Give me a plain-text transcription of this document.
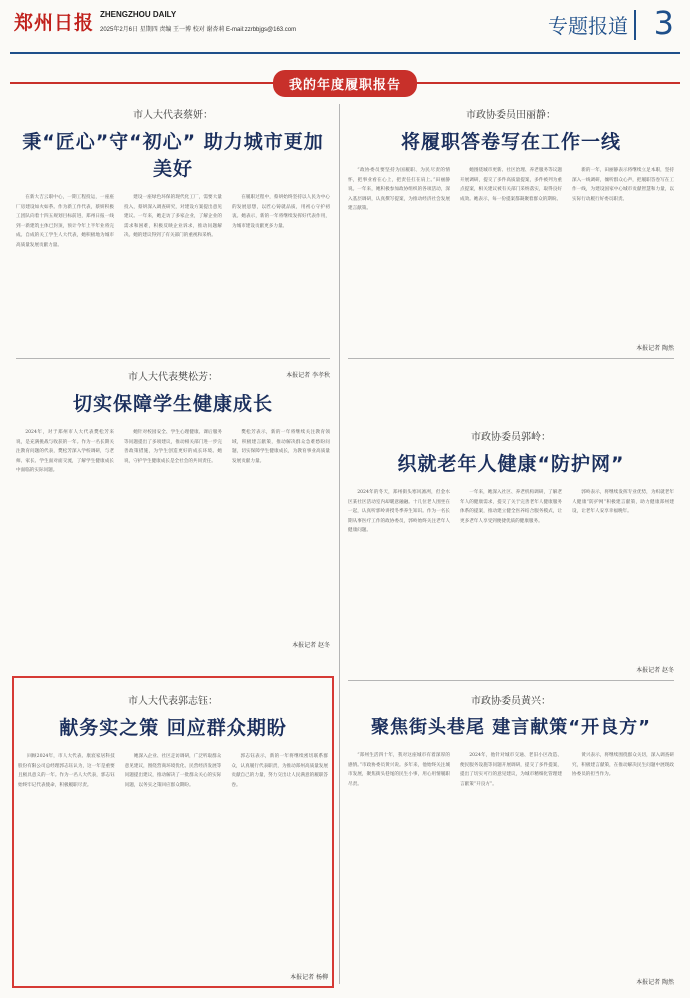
郑州日报 ZHENGZHOU DAILY
2025年2月6日 星期四 责编 王一博 校对 谢杏莉 E-mail:zzrbbjgs@163.com	专题报道 3
我的年度履职报告
市人大代表蔡妍：
秉“匠心”守“初心” 助力城市更加美好

在新大吉云职中心，一期工程投运，一座座厂房建设如火如荼。作为新工作代表，蔡妍积极工团队向着十四五规划目标前进，郑州日报一线到一新建筑主体已封顶，预计今年上半年业将完成。自成的关工学生人大代表，她积极地为城市高质量发展贡献力量。

建设一座绿色环保的现代化工厂，需要大量投入，蔡妍深入调查研究，对建设方案提出意见建议。一年来，她走访了多家企业，了解企业的需求和困难，积极反映企业诉求，推动问题解决。她的建议得到了有关部门的重视和采纳。

在履职过程中，蔡妍始终坚持以人民为中心的发展思想，以匠心铸就品质，用初心守护初衷。她表示，新的一年将继续发挥好代表作用，为城市建设贡献更多力量。

本报记者 李孝秋
市政协委员田丽静：
将履职答卷写在工作一线

“政协委员要坚持为国履职、为民尽责的情怀，把事业看在心上，把责任扛在肩上。”田丽静说。一年来，她积极参加政协组织的各项活动，深入基层调研，认真撰写提案，为推动经济社会发展建言献策。

她围绕城市更新、社区治理、养老服务等议题开展调研，提交了多件高质量提案，多件被列为重点提案，相关建议被有关部门采纳落实，取得良好成效。她表示，每一份提案都凝聚着群众的期盼。

新的一年，田丽静表示将继续立足本职，坚持深入一线调研，倾听群众心声，把履职答卷写在工作一线，为建设国家中心城市贡献智慧和力量，以实际行动履行好委员职责。

本报记者 陶然
市人大代表樊松芳：
切实保障学生健康成长

2024年，对于郑州市人大代表樊松芳来说，是充满挑战与收获的一年。作为一名长期关注教育问题的代表，樊松芳深入学校调研，与老师、家长、学生面对面交流，了解学生健康成长中面临的实际问题。

她针对校园安全、学生心理健康、课后服务等问题提出了多项建议，推动相关部门进一步完善政策措施，为学生创造更好的成长环境。她说，守护学生健康成长是全社会的共同责任。

樊松芳表示，新的一年将继续关注教育领域，积极建言献策，推动解决群众急难愁盼问题，切实保障学生健康成长，为教育事业高质量发展贡献力量。

本报记者 赵冬
市政协委员郭岭：
织就老年人健康“防护网”

2024年的冬天，郑州街头寒风凛冽，但金水区某社区活动室内却暖意融融。十几位老人围坐在一起，认真听郭岭讲授冬季养生知识。作为一名长期从事医疗工作的政协委员，郭岭始终关注老年人健康问题。

一年来，她深入社区、养老机构调研，了解老年人的健康需求，提交了关于完善老年人健康服务体系的提案，推动建立健全医养结合服务模式，让更多老年人享受到便捷优质的健康服务。

郭岭表示，将继续发挥专业优势，为织就老年人健康“防护网”积极建言献策，助力健康郑州建设，让老年人安享幸福晚年。

本报记者 赵冬
市人大代表郭志钰：
献务实之策 回应群众期盼

回顾2024年，市人大代表、康宸家居科技股份有限公司总经理郭志钰认为，这一年是重要且极具意义的一年。作为一名人大代表，郭志钰始终牢记代表使命，积极履职尽责。

她深入企业、社区走访调研，广泛听取群众意见建议，围绕营商环境优化、民营经济发展等问题提出建议，推动解决了一批群众关心的实际问题，以务实之策回应群众期盼。

郭志钰表示，新的一年将继续密切联系群众，认真履行代表职责，为推动郑州高质量发展贡献自己的力量，努力交出让人民满意的履职答卷。

本报记者 杨柳
市政协委员黄兴：
聚焦街头巷尾 建言献策“开良方”

“郑州生活四十年，我对这座城市有着深厚的感情。”市政协委员黄兴说。多年来，他始终关注城市发展，聚焦街头巷尾的民生小事，用心用情履职尽责。

2024年，他针对城市交通、老旧小区改造、便民服务设施等问题开展调研，提交了多件提案，提出了切实可行的意见建议，为城市精细化管理建言献策“开良方”。

黄兴表示，将继续围绕群众关切，深入调查研究，积极建言献策，在推动解决民生问题中展现政协委员的担当作为。

本报记者 陶然
